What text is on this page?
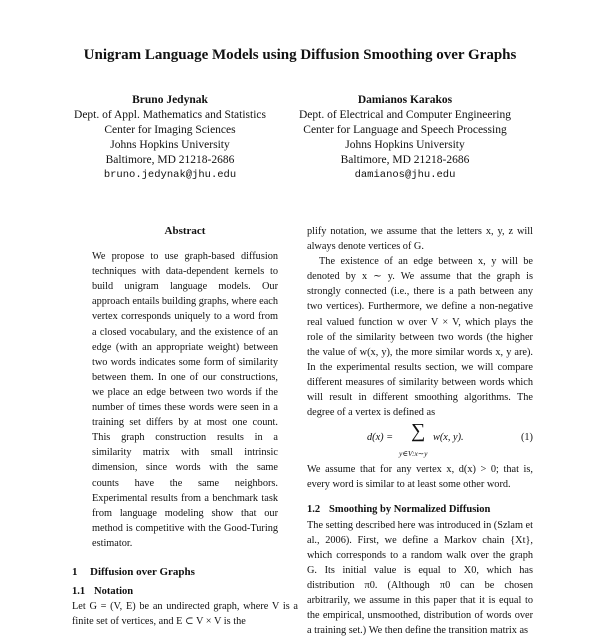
Unigram Language Models using Diffusion Smoothing over Graphs
Bruno Jedynak
Dept. of Appl. Mathematics and Statistics
Center for Imaging Sciences
Johns Hopkins University
Baltimore, MD 21218-2686
bruno.jedynak@jhu.edu
Damianos Karakos
Dept. of Electrical and Computer Engineering
Center for Language and Speech Processing
Johns Hopkins University
Baltimore, MD 21218-2686
damianos@jhu.edu
Abstract
We propose to use graph-based diffusion techniques with data-dependent kernels to build unigram language models. Our approach entails building graphs, where each vertex corresponds uniquely to a word from a closed vocabulary, and the existence of an edge (with an appropriate weight) between two words indicates some form of similarity between them. In one of our constructions, we place an edge between two words if the number of times these words were seen in a training set differs by at most one count. This graph construction results in a similarity matrix with small intrinsic dimension, since words with the same counts have the same neighbors. Experimental results from a benchmark task from language modeling show that our method is competitive with the Good-Turing estimator.
1 Diffusion over Graphs
1.1 Notation

Let G = (V, E) be an undirected graph, where V is a finite set of vertices, and E ⊂ V × V is the

plify notation, we assume that the letters x, y, z will always denote vertices of G.

The existence of an edge between x, y will be denoted by x ∼ y. We assume that the graph is strongly connected (i.e., there is a path between any two vertices). Furthermore, we define a non-negative real valued function w over V × V, which plays the role of the similarity between two words (the higher the value of w(x, y), the more similar words x, y are). In the experimental results section, we will compare different measures of similarity between words which will result in different smoothing algorithms. The degree of a vertex is defined as

d(x) = ∑
y∈V:x∼y
w(x, y).	(1)

We assume that for any vertex x, d(x) > 0; that is, every word is similar to at least some other word.

1.2 Smoothing by Normalized Diffusion

The setting described here was introduced in (Szlam et al., 2006). First, we define a Markov chain {Xt}, which corresponds to a random walk over the graph G. Its initial value is equal to X0, which has distribution π0. (Although π0 can be chosen arbitrarily, we assume in this paper that it is equal to the empirical, unsmoothed, distribution of words over a training set.) We then define the transition matrix as
